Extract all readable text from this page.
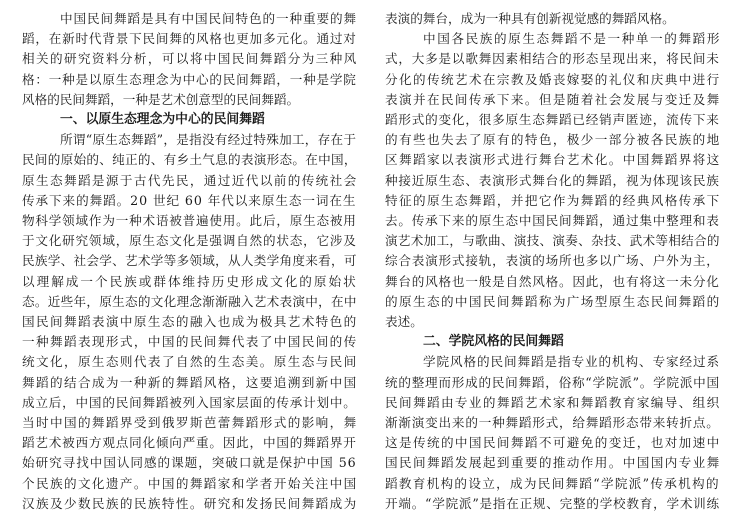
中国民间舞蹈是具有中国民间特色的一种重要的舞
蹈，在新时代背景下民间舞的风格也更加多元化。通过对
相关的研究资料分析，可以将中国民间舞蹈分为三种风
格：一种是以原生态理念为中心的民间舞蹈，一种是学院
风格的民间舞蹈，一种是艺术创意型的民间舞蹈。
一、以原生态理念为中心的民间舞蹈
所谓“原生态舞蹈”，是指没有经过特殊加工，存在于
民间的原始的、纯正的、有乡土气息的表演形态。在中国，
原生态舞蹈是源于古代先民，通过近代以前的传统社会
传承下来的舞蹈。20 世纪 60 年代以来原生态一词在生
物科学领域作为一种术语被普遍使用。此后，原生态被用
于文化研究领域，原生态文化是强调自然的状态，它涉及
民族学、社会学、艺术学等多领域，从人类学角度来看，可
以理解成一个民族或群体维持历史形成文化的原始状
态。近些年，原生态的文化理念渐渐融入艺术表演中，在中
国民间舞蹈表演中原生态的融入也成为极具艺术特色的
一种舞蹈表现形式，中国的民间舞代表了中国民间的传
统文化，原生态则代表了自然的生态美。原生态与民间
舞蹈的结合成为一种新的舞蹈风格，这要追溯到新中国
成立后，中国的民间舞蹈被列入国家层面的传承计划中。
当时中国的舞蹈界受到俄罗斯芭蕾舞蹈形式的影响，舞
蹈艺术被西方观点同化倾向严重。因此，中国的舞蹈界开
始研究寻找中国认同感的课题，突破口就是保护中国 56
个民族的文化遗产。中国的舞蹈家和学者开始关注中国
汉族及少数民族的民族特性。研究和发扬民间舞蹈成为
表演的舞台，成为一种具有创新视觉感的舞蹈风格。
中国各民族的原生态舞蹈不是一种单一的舞蹈形
式，大多是以歌舞因素相结合的形态呈现出来，将民间未
分化的传统艺术在宗教及婚丧嫁娶的礼仪和庆典中进行
表演并在民间传承下来。但是随着社会发展与变迁及舞
蹈形式的变化，很多原生态舞蹈已经销声匿迹，流传下来
的有些也失去了原有的特色，极少一部分被各民族的地
区舞蹈家以表演形式进行舞台艺术化。中国舞蹈界将这
种接近原生态、表演形式舞台化的舞蹈，视为体现该民族
特征的原生态舞蹈，并把它作为舞蹈的经典风格传承下
去。传承下来的原生态中国民间舞蹈，通过集中整理和表
演艺术加工，与歌曲、演技、演奏、杂技、武术等相结合的
综合表演形式接轨，表演的场所也多以广场、户外为主，
舞台的风格也一般是自然风格。因此，也有将这一未分化
的原生态的中国民间舞蹈称为广场型原生态民间舞蹈的
表述。
二、学院风格的民间舞蹈
学院风格的民间舞蹈是指专业的机构、专家经过系
统的整理而形成的民间舞蹈，俗称“学院派”。学院派中国
民间舞蹈由专业的舞蹈艺术家和舞蹈教育家编导、组织
渐渐演变出来的一种舞蹈形式，给舞蹈形态带来转折点。
这是传统的中国民间舞蹈不可避免的变迁，也对加速中
国民间舞蹈发展起到重要的推动作用。中国国内专业舞
蹈教育机构的设立，成为民间舞蹈“学院派”传承机构的
开端。“学院派”是指在正规、完整的学校教育，学术训练
